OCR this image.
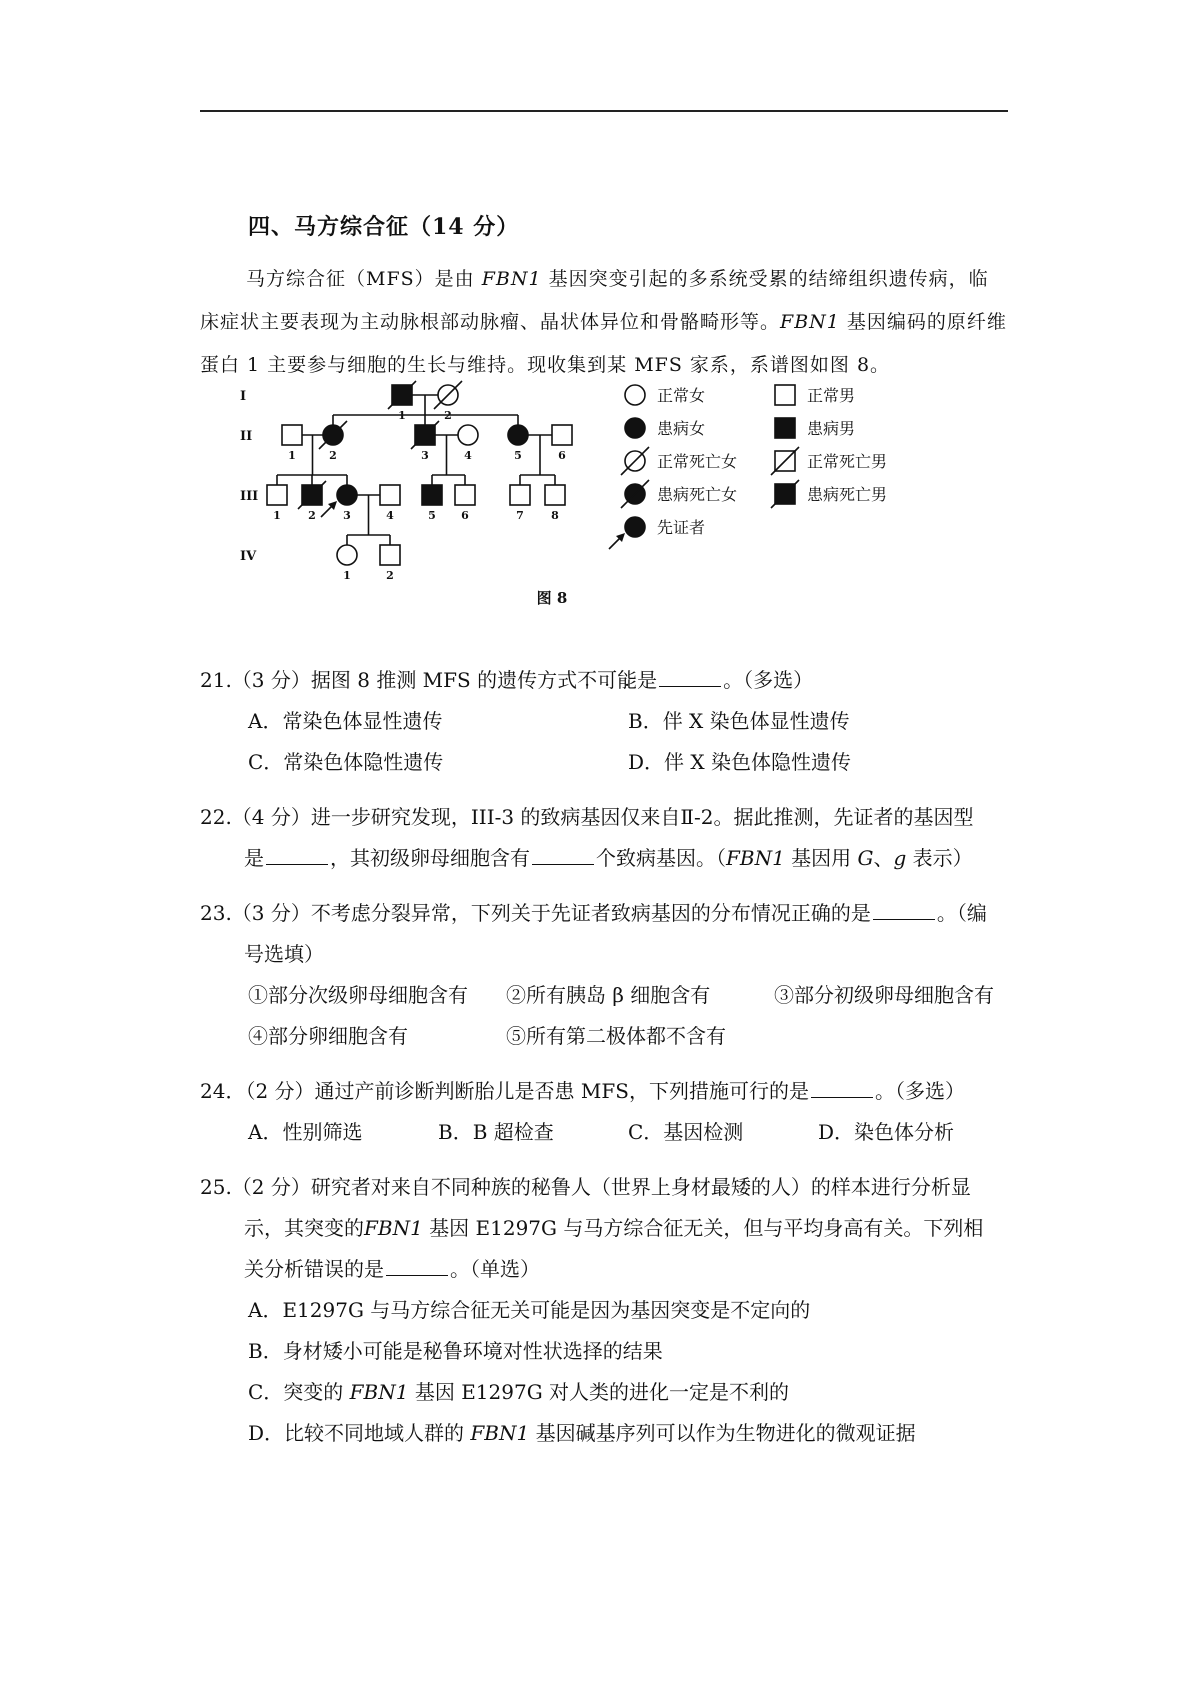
四、马方综合征（14 分）
马方综合征（MFS）是由 FBN1 基因突变引起的多系统受累的结缔组织遗传病，临床症状主要表现为主动脉根部动脉瘤、晶状体异位和骨骼畸形等。FBN1 基因编码的原纤维蛋白 1 主要参与细胞的生长与维持。现收集到某 MFS 家系，系谱图如图 8。
I
II
III
IV
1	2
1	2	3	4	5	6
1 2 3	4	5 6	7 8
1	2
正常女	正常男
患病女	患病男
正常死亡女	正常死亡男
患病死亡女	患病死亡男
先证者
图 8
21.（3 分）据图 8 推测 MFS 的遗传方式不 ·可 ·能 ·是	。（多选）
A．常染色体显性遗传	B．伴 X 染色体显性遗传
C．常染色体隐性遗传	D．伴 X 染色体隐性遗传
22.（4 分）进一步研究发现，III-3 的致病基因仅来自Ⅱ-2。据此推测，先证者的基因型
是	，其初级卵母细胞含有	个致病基因。（FBN1 基因用 G、g 表示）
23.（3 分）不考虑分裂异常，下列关于先证者致病基因的分布情况正确的是	。（编
号选填）
①部分次级卵母细胞含有	②所有胰岛 β 细胞含有	③部分初级卵母细胞含有
④部分卵细胞含有	⑤所有第二极体都不含有
24．（2 分）通过产前诊断判断胎儿是否患 MFS，下列措施可行的是	。（多选）
A．性别筛选	B．B 超检查	C．基因检测	D．染色体分析
25.（2 分）研究者对来自不同种族的秘鲁人（世界上身材最矮的人）的样本进行分析显
示，其突变的FBN1 基因 E1297G 与马方综合征无关，但与平均身高有关。下列相
关分析错误的是	。（单选）
A．E1297G 与马方综合征无关可能是因为基因突变是不定向的
B．身材矮小可能是秘鲁环境对性状选择的结果
C．突变的 FBN1 基因 E1297G 对人类的进化一定是不利的
D．比较不同地域人群的 FBN1 基因碱基序列可以作为生物进化的微观证据
